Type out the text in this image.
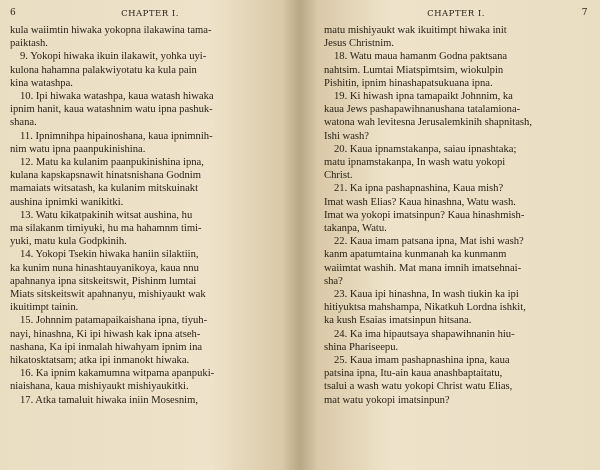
6	CHAPTER I.
kula waiimtin hiwaka yokopna ilakawina tama-
paiktash.
9. Yokopi hiwaka ikuin ilakawit, yohka uyi-
kulona hahamna palakwiyotatu ka kula pain
kina watashpa.
10. Ipi hiwaka watashpa, kaua watash hiwaka
ipnim hanit, kaua watashnim watu ipna pashuk-
shana.
11. Ipnimnihpa hipainoshana, kaua ipnimnih-
nim watu ipna paanpukinishina.
12. Matu ka kulanim paanpukinishina ipna,
kulana kapskapsnawit hinatsnishana Godnim
mamaiats witsatash, ka kulanim mitskuinakt
aushina ipnimki wanikitki.
13. Watu kikatpakinih witsat aushina, hu
ma silakanm timiyuki, hu ma hahamnm timi-
yuki, matu kula Godpkinih.
14. Yokopi Tsekin hiwaka haniin silaktiin,
ka kunim nuna hinashtauyanikoya, kaua nnu
apahnanya ipna sitskeitswit, Pishinm lumtai
Miats sitskeitswit apahnanyu, mishiyaukt wak
ikuitimpt tainin.
15. Johnnim patamapaikaishana ipna, tiyuh-
nayi, hinashna, Ki ipi hiwash kak ipna atseh-
nashana, Ka ipi inmalah hiwahyam ipnim ina
hikatosktatsam; atka ipi inmanokt hiwaka.
16. Ka ipnim kakamumna witpama apanpuki-
niaishana, kaua mishiyaukt mishiyaukitki.
17. Atka tamaluit hiwaka iniin Mosesnim,
CHAPTER I.	7
matu mishiyaukt wak ikuitimpt hiwaka init
Jesus Christnim.
18. Watu maua hamanm Godna paktsana
nahtsim. Lumtai Miatspimtsim, wiokulpin
Pishitin, ipnim hinashapatsukuana ipna.
19. Ki hiwash ipna tamapaikt Johnnim, ka
kaua Jews pashapawihnanushana tatalamiona-
watona wah levitesna Jerusalemkinih shapnitash,
Ishi wash?
20. Kaua ipnamstakanpa, saiau ipnashtaka;
matu ipnamstakanpa, In wash watu yokopi
Christ.
21. Ka ipna pashapnashina, Kaua mish?
Imat wash Elias? Kaua hinashna, Watu wash.
Imat wa yokopi imatsinpun? Kaua hinashmish-
takanpa, Watu.
22. Kaua imam patsana ipna, Mat ishi wash?
kanm apatumtaina kunmanah ka kunmanm
waiimtat washih. Mat mana imnih imatsehnai-
sha?
23. Kaua ipi hinashna, In wash tiukin ka ipi
hitiyuktsa mahshampa, Nikatkuh Lordna ishkit,
ka kush Esaias imatsinpun hitsana.
24. Ka ima hipautsaya shapawihnanin hiu-
shina Phariseepu.
25. Kaua imam pashapnashina ipna, kaua
patsina ipna, Itu-ain kaua anashbaptaitatu,
tsalui a wash watu yokopi Christ watu Elias,
mat watu yokopi imatsinpun?
